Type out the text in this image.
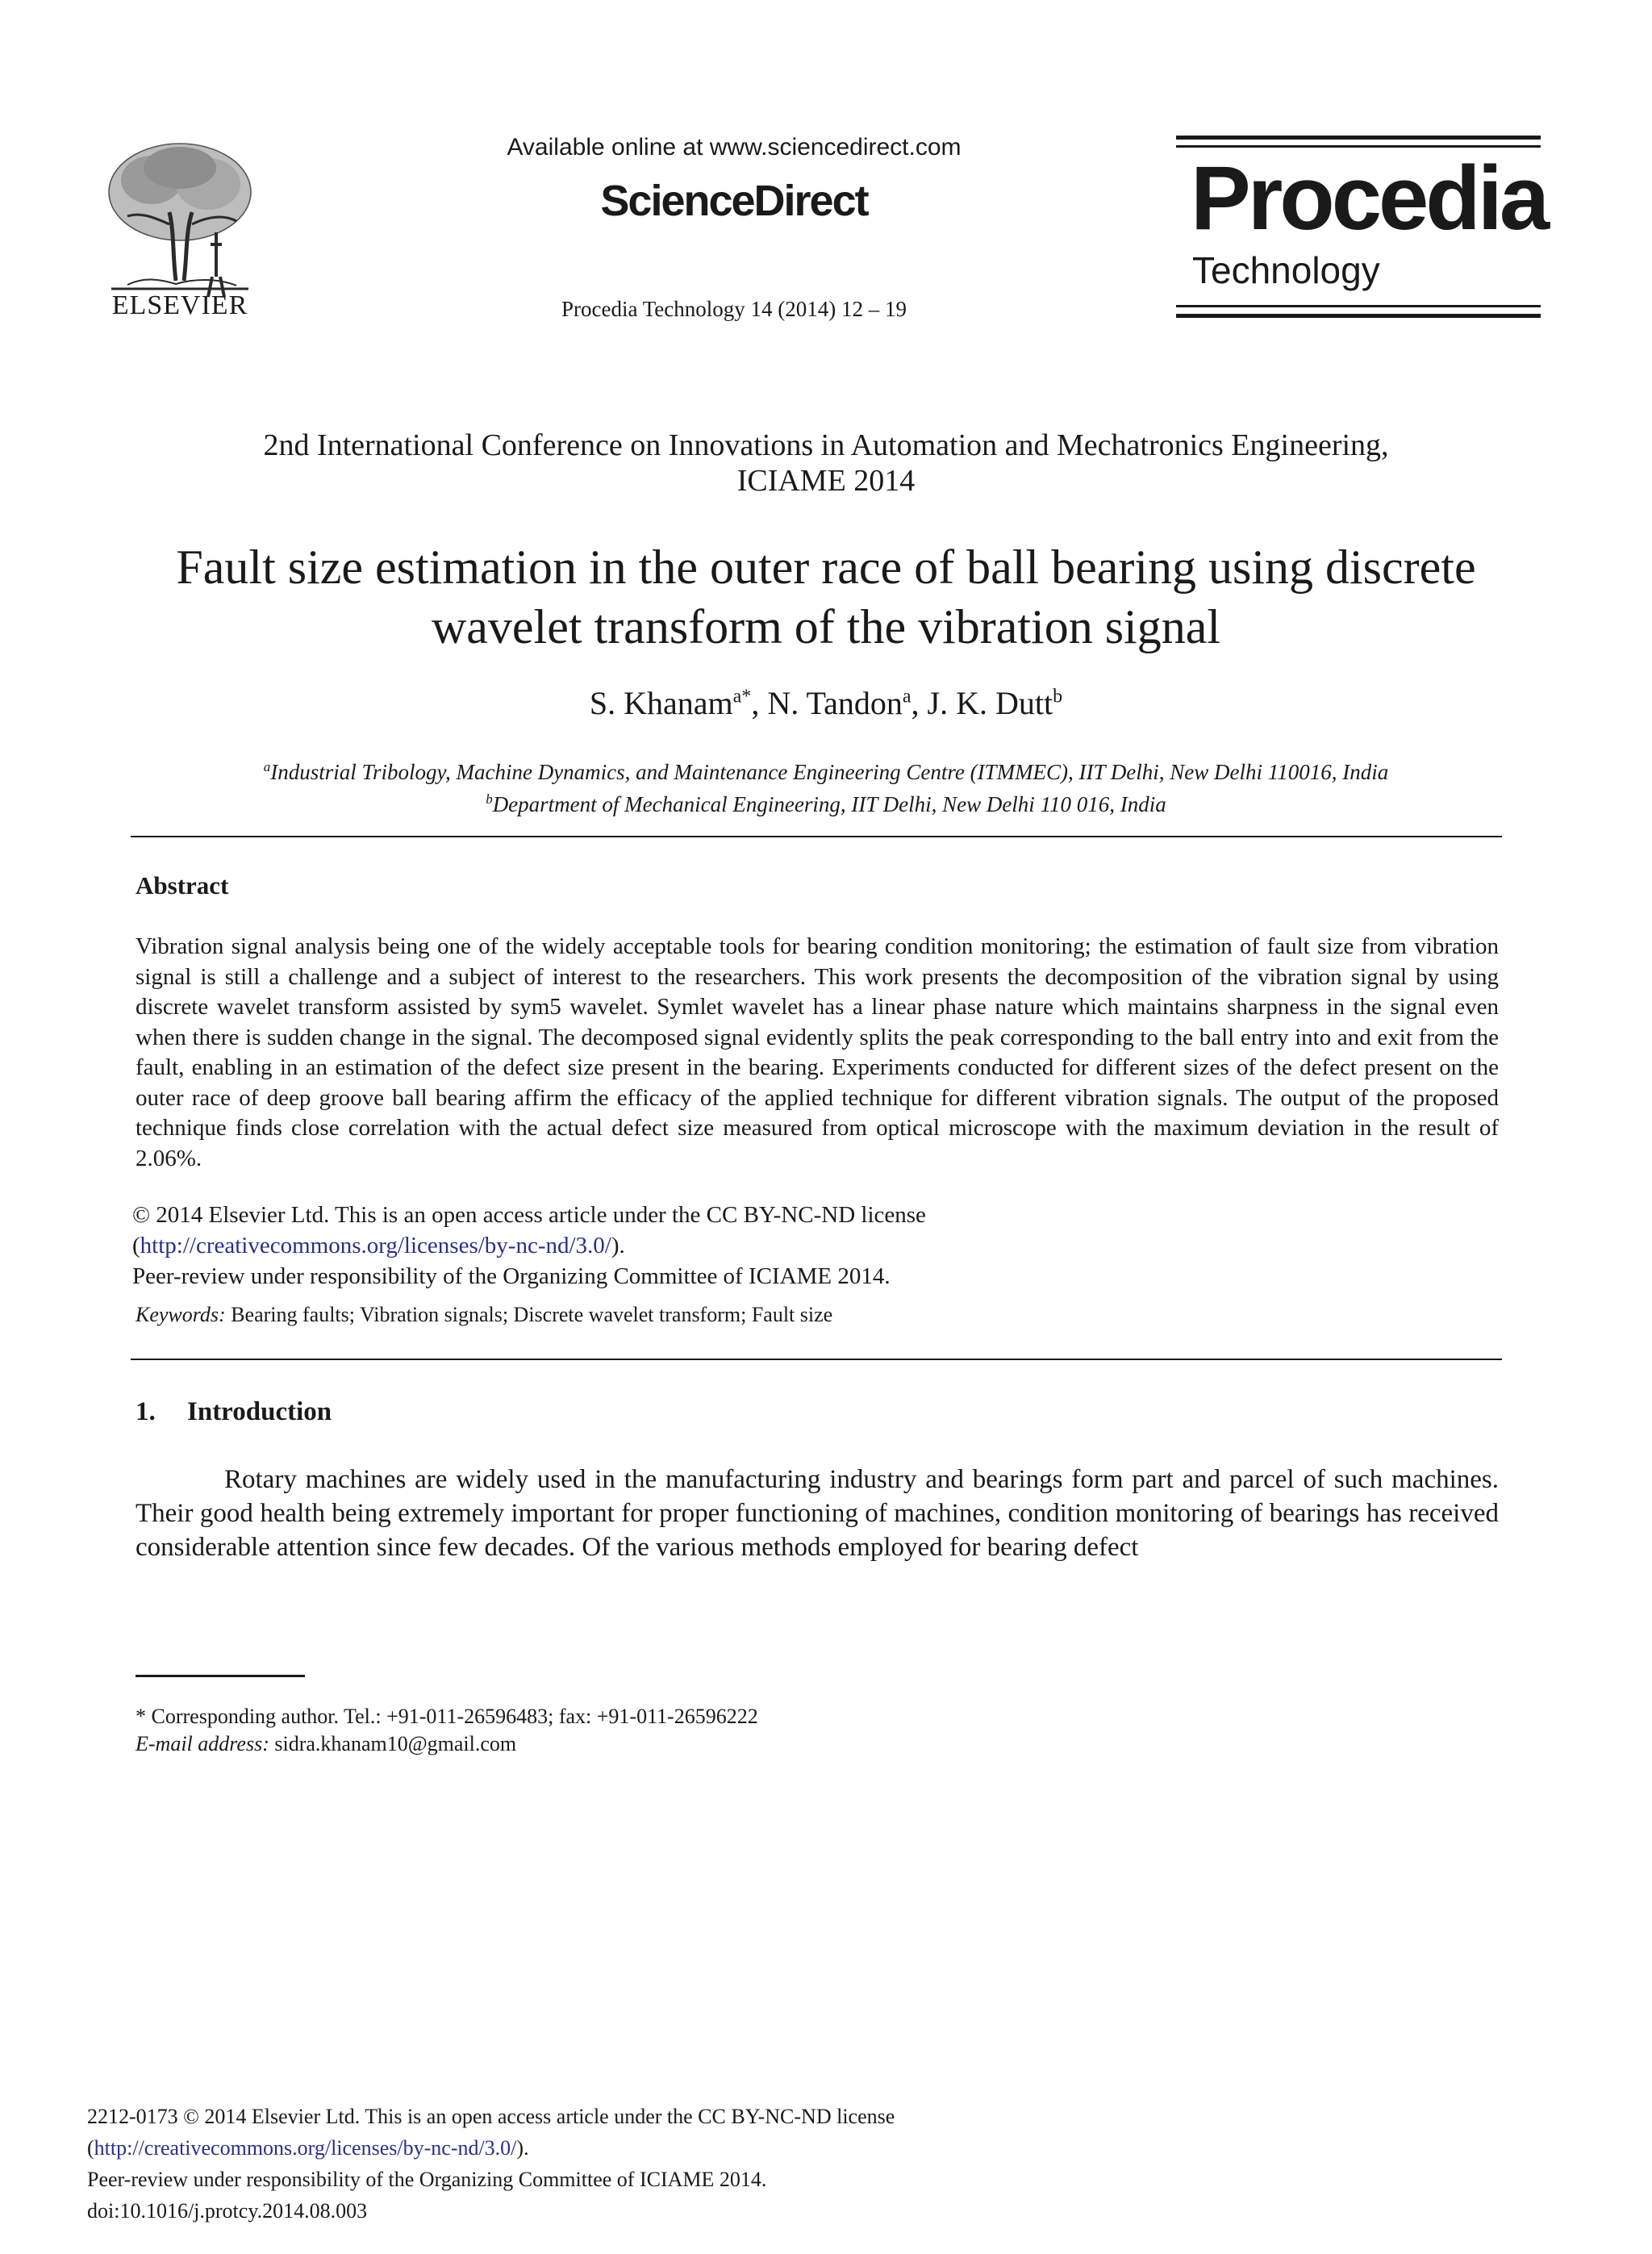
ELSEVIER
Available online at www.sciencedirect.com
ScienceDirect
Procedia Technology 14 (2014) 12 – 19
Procedia
Technology
2nd International Conference on Innovations in Automation and Mechatronics Engineering,
ICIAME 2014
Fault size estimation in the outer race of ball bearing using discrete
wavelet transform of the vibration signal
S. Khanam$^{a*}$, N. Tandon$^a$, J. K. Dutt$^b$
$^a$Industrial Tribology, Machine Dynamics, and Maintenance Engineering Centre (ITMMEC), IIT Delhi, New Delhi 110016, India
$^b$Department of Mechanical Engineering, IIT Delhi, New Delhi 110 016, India
Abstract
Vibration signal analysis being one of the widely acceptable tools for bearing condition monitoring; the estimation of fault size from vibration signal is still a challenge and a subject of interest to the researchers. This work presents the decomposition of the vibration signal by using discrete wavelet transform assisted by sym5 wavelet. Symlet wavelet has a linear phase nature which maintains sharpness in the signal even when there is sudden change in the signal. The decomposed signal evidently splits the peak corresponding to the ball entry into and exit from the fault, enabling in an estimation of the defect size present in the bearing. Experiments conducted for different sizes of the defect present on the outer race of deep groove ball bearing affirm the efficacy of the applied technique for different vibration signals. The output of the proposed technique finds close correlation with the actual defect size measured from optical microscope with the maximum deviation in the result of 2.06%.
© 2014 Elsevier Ltd. This is an open access article under the CC BY-NC-ND license
(http://creativecommons.org/licenses/by-nc-nd/3.0/).
Peer-review under responsibility of the Organizing Committee of ICIAME 2014.
Keywords: Bearing faults; Vibration signals; Discrete wavelet transform; Fault size
1. Introduction
Rotary machines are widely used in the manufacturing industry and bearings form part and parcel of such machines. Their good health being extremely important for proper functioning of machines, condition monitoring of bearings has received considerable attention since few decades. Of the various methods employed for bearing defect
* Corresponding author. Tel.: +91-011-26596483; fax: +91-011-26596222
E-mail address: sidra.khanam10@gmail.com
2212-0173 © 2014 Elsevier Ltd. This is an open access article under the CC BY-NC-ND license
(http://creativecommons.org/licenses/by-nc-nd/3.0/).
Peer-review under responsibility of the Organizing Committee of ICIAME 2014.
doi:10.1016/j.protcy.2014.08.003
